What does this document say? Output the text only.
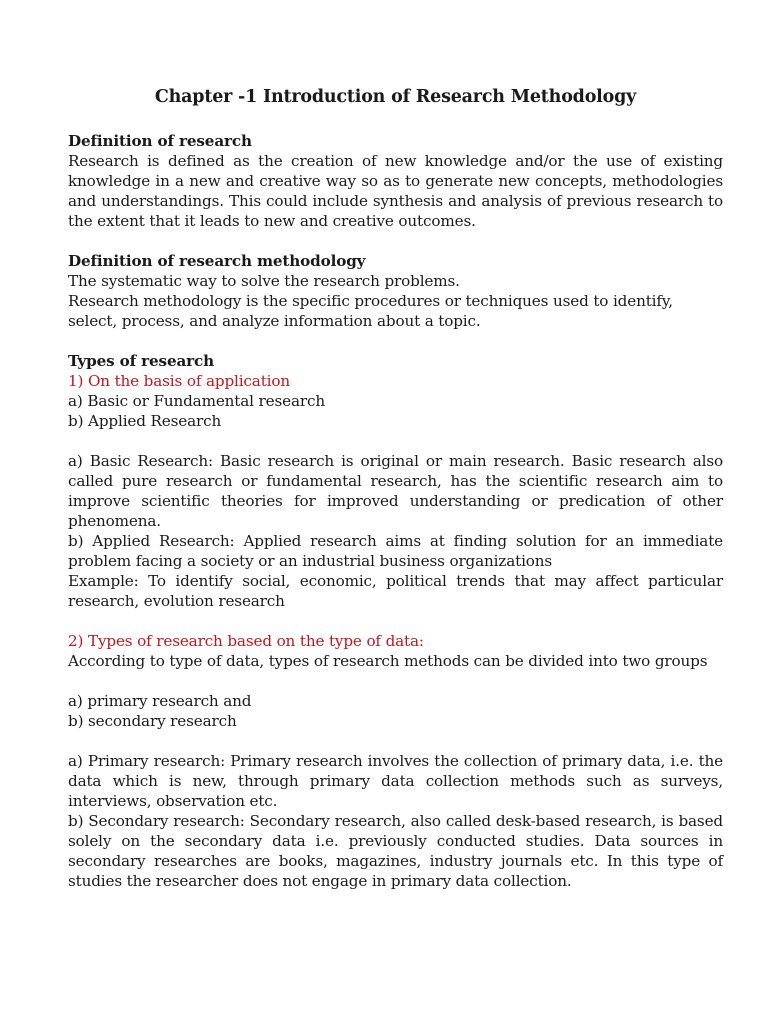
Chapter -1 Introduction of Research Methodology

Definition of research

Research is defined as the creation of new knowledge and/or the use of existing knowledge in a new and creative way so as to generate new concepts, methodologies and understandings. This could include synthesis and analysis of previous research to the extent that it leads to new and creative outcomes.

Definition of research methodology

The systematic way to solve the research problems.

Research methodology is the specific procedures or techniques used to identify, select, process, and analyze information about a topic.

Types of research

1) On the basis of application

a) Basic or Fundamental research

b) Applied Research

a) Basic Research: Basic research is original or main research. Basic research also called pure research or fundamental research, has the scientific research aim to improve scientific theories for improved understanding or predication of other phenomena.

b) Applied Research: Applied research aims at finding solution for an immediate problem facing a society or an industrial business organizations

Example: To identify social, economic, political trends that may affect particular research, evolution research

2) Types of research based on the type of data:

According to type of data, types of research methods can be divided into two groups

a) primary research and

b) secondary research

a) Primary research: Primary research involves the collection of primary data, i.e. the data which is new, through primary data collection methods such as surveys, interviews, observation etc.

b) Secondary research: Secondary research, also called desk-based research, is based solely on the secondary data i.e. previously conducted studies. Data sources in secondary researches are books, magazines, industry journals etc. In this type of studies the researcher does not engage in primary data collection.
